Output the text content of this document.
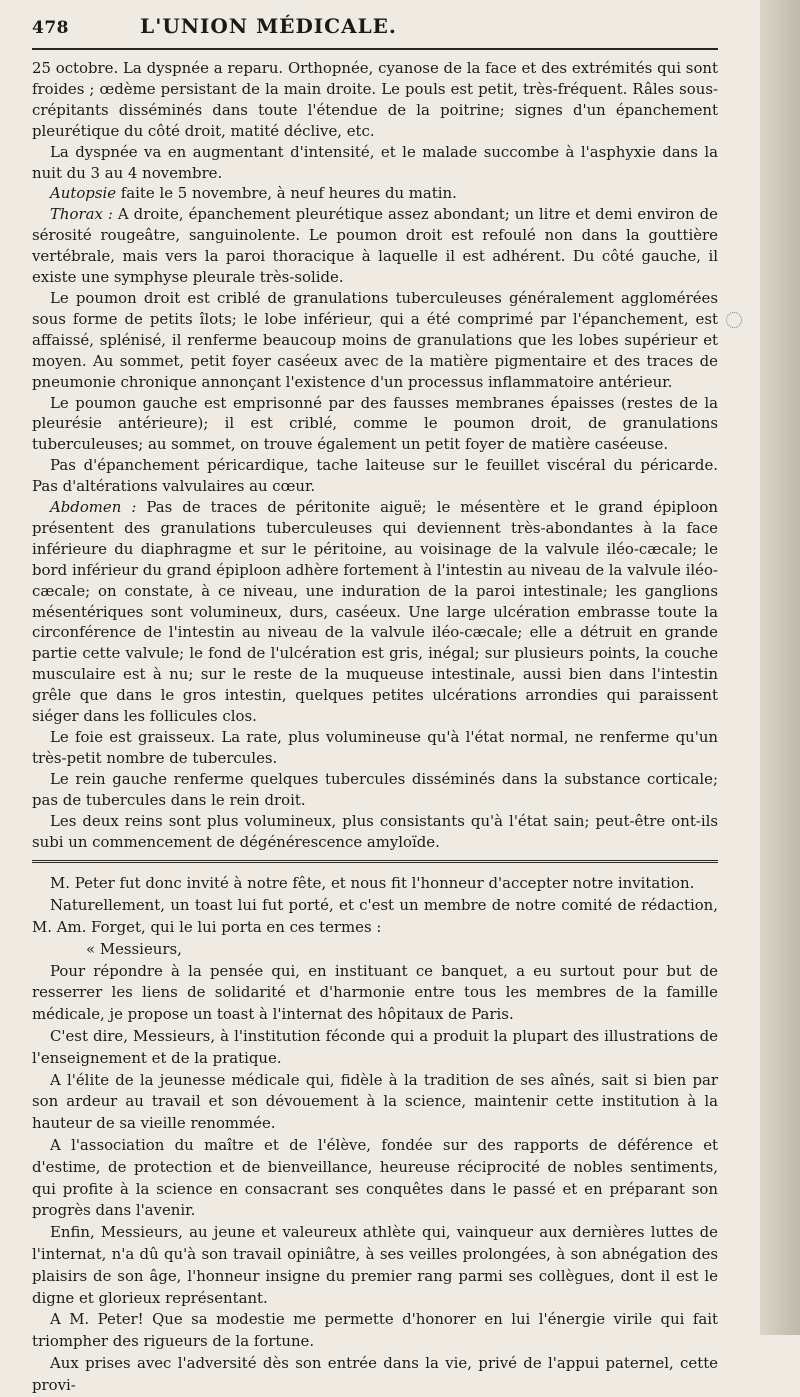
478	L'UNION MÉDICALE.

25 octobre. La dyspnée a reparu. Orthopnée, cyanose de la face et des extrémités qui sont froides ; œdème persistant de la main droite. Le pouls est petit, très-fréquent. Râles sous-crépitants disséminés dans toute l'étendue de la poitrine; signes d'un épanchement pleurétique du côté droit, matité déclive, etc.

La dyspnée va en augmentant d'intensité, et le malade succombe à l'asphyxie dans la nuit du 3 au 4 novembre.

Autopsie faite le 5 novembre, à neuf heures du matin.

Thorax : A droite, épanchement pleurétique assez abondant; un litre et demi environ de sérosité rougeâtre, sanguinolente. Le poumon droit est refoulé non dans la gouttière vertébrale, mais vers la paroi thoracique à laquelle il est adhérent. Du côté gauche, il existe une symphyse pleurale très-solide.

Le poumon droit est criblé de granulations tuberculeuses généralement agglomérées sous forme de petits îlots; le lobe inférieur, qui a été comprimé par l'épanchement, est affaissé, splénisé, il renferme beaucoup moins de granulations que les lobes supérieur et moyen. Au sommet, petit foyer caséeux avec de la matière pigmentaire et des traces de pneumonie chronique annonçant l'existence d'un processus inflammatoire antérieur.

Le poumon gauche est emprisonné par des fausses membranes épaisses (restes de la pleurésie antérieure); il est criblé, comme le poumon droit, de granulations tuberculeuses; au sommet, on trouve également un petit foyer de matière caséeuse.

Pas d'épanchement péricardique, tache laiteuse sur le feuillet viscéral du péricarde. Pas d'altérations valvulaires au cœur.

Abdomen : Pas de traces de péritonite aiguë; le mésentère et le grand épiploon présentent des granulations tuberculeuses qui deviennent très-abondantes à la face inférieure du diaphragme et sur le péritoine, au voisinage de la valvule iléo-cæcale; le bord inférieur du grand épiploon adhère fortement à l'intestin au niveau de la valvule iléo-cæcale; on constate, à ce niveau, une induration de la paroi intestinale; les ganglions mésentériques sont volumineux, durs, caséeux. Une large ulcération embrasse toute la circonférence de l'intestin au niveau de la valvule iléo-cæcale; elle a détruit en grande partie cette valvule; le fond de l'ulcération est gris, inégal; sur plusieurs points, la couche musculaire est à nu; sur le reste de la muqueuse intestinale, aussi bien dans l'intestin grêle que dans le gros intestin, quelques petites ulcérations arrondies qui paraissent siéger dans les follicules clos.

Le foie est graisseux. La rate, plus volumineuse qu'à l'état normal, ne renferme qu'un très-petit nombre de tubercules.

Le rein gauche renferme quelques tubercules disséminés dans la substance corticale; pas de tubercules dans le rein droit.

Les deux reins sont plus volumineux, plus consistants qu'à l'état sain; peut-être ont-ils subi un commencement de dégénérescence amyloïde.

M. Peter fut donc invité à notre fête, et nous fit l'honneur d'accepter notre invitation.

Naturellement, un toast lui fut porté, et c'est un membre de notre comité de rédaction, M. Am. Forget, qui le lui porta en ces termes :

« Messieurs,

Pour répondre à la pensée qui, en instituant ce banquet, a eu surtout pour but de resserrer les liens de solidarité et d'harmonie entre tous les membres de la famille médicale, je propose un toast à l'internat des hôpitaux de Paris.

C'est dire, Messieurs, à l'institution féconde qui a produit la plupart des illustrations de l'enseignement et de la pratique.

A l'élite de la jeunesse médicale qui, fidèle à la tradition de ses aînés, sait si bien par son ardeur au travail et son dévouement à la science, maintenir cette institution à la hauteur de sa vieille renommée.

A l'association du maître et de l'élève, fondée sur des rapports de déférence et d'estime, de protection et de bienveillance, heureuse réciprocité de nobles sentiments, qui profite à la science en consacrant ses conquêtes dans le passé et en préparant son progrès dans l'avenir.

Enfin, Messieurs, au jeune et valeureux athlète qui, vainqueur aux dernières luttes de l'internat, n'a dû qu'à son travail opiniâtre, à ses veilles prolongées, à son abnégation des plaisirs de son âge, l'honneur insigne du premier rang parmi ses collègues, dont il est le digne et glorieux représentant.

A M. Peter! Que sa modestie me permette d'honorer en lui l'énergie virile qui fait triompher des rigueurs de la fortune.

Aux prises avec l'adversité dès son entrée dans la vie, privé de l'appui paternel, cette provi-
